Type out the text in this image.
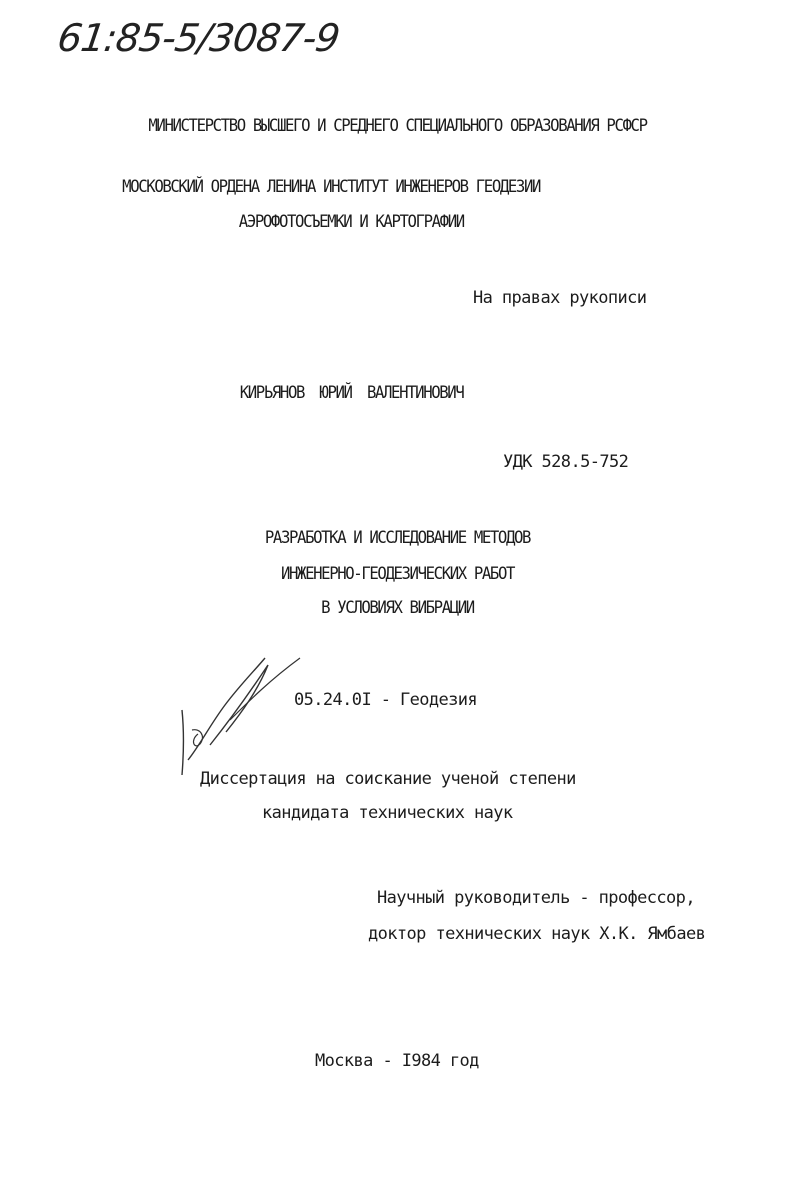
61:85-5/3087-9
МИНИСТЕРСТВО ВЫСШЕГО И СРЕДНЕГО СПЕЦИАЛЬНОГО ОБРАЗОВАНИЯ РСФСР
МОСКОВСКИЙ ОРДЕНА ЛЕНИНА ИНСТИТУТ ИНЖЕНЕРОВ ГЕОДЕЗИИ
АЭРОФОТОСЪЕМКИ И КАРТОГРАФИИ
На правах рукописи
КИРЬЯНОВ ЮРИЙ ВАЛЕНТИНОВИЧ
УДК 528.5-752
РАЗРАБОТКА И ИССЛЕДОВАНИЕ МЕТОДОВ
ИНЖЕНЕРНО-ГЕОДЕЗИЧЕСКИХ РАБОТ
В УСЛОВИЯХ ВИБРАЦИИ
05.24.0I - Геодезия
Диссертация на соискание ученой степени
кандидата технических наук
Научный руководитель - профессор,
доктор технических наук Х.К. Ямбаев
Москва - I984 год
